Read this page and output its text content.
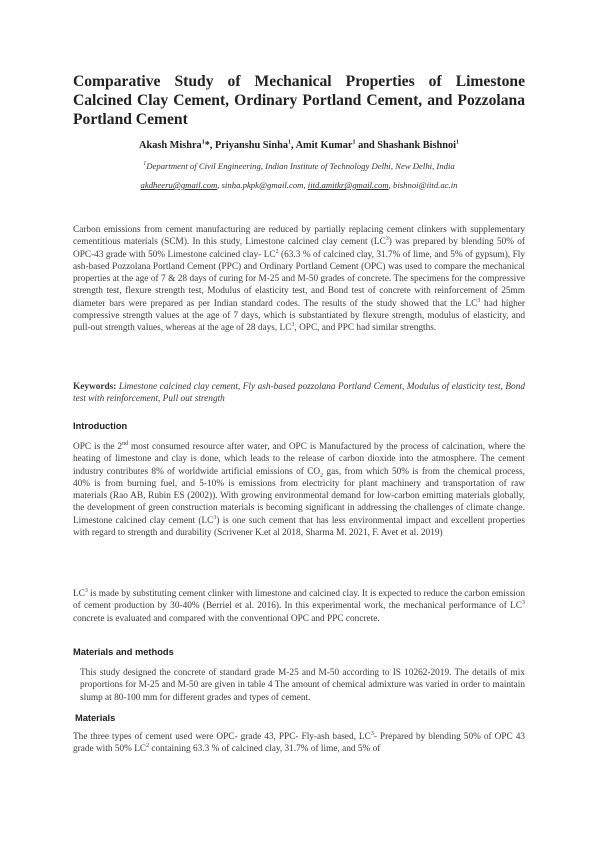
Comparative Study of Mechanical Properties of Limestone Calcined Clay Cement, Ordinary Portland Cement, and Pozzolana Portland Cement
Akash Mishra$^1$*, Priyanshu Sinha$^1$, Amit Kumar$^1$ and Shashank Bishnoi$^1$
$^1$Department of Civil Engineering, Indian Institute of Technology Delhi, New Delhi, India
akdheeru@gmail.com, sinha.pkpk@gmail.com, iitd.amitkr@gmail.com, bishnoi@iitd.ac.in
Carbon emissions from cement manufacturing are reduced by partially replacing cement clinkers with supplementary cementitious materials (SCM). In this study, Limestone calcined clay cement $(LC^3)$ was prepared by blending 50% of OPC-43 grade with 50% Limestone calcined clay- $LC^2$ (63.3 % of calcined clay, 31.7% of lime, and 5% of gypsum), Fly ash-based Pozzolana Portland Cement (PPC) and Ordinary Portland Cement (OPC) was used to compare the mechanical properties at the age of 7 & 28 days of curing for M-25 and M-50 grades of concrete. The specimens for the compressive strength test, flexure strength test, Modulus of elasticity test, and Bond test of concrete with reinforcement of 25mm diameter bars were prepared as per Indian standard codes. The results of the study showed that the $LC^3$ had higher compressive strength values at the age of 7 days, which is substantiated by flexure strength, modulus of elasticity, and pull-out strength values, whereas at the age of 28 days, $LC^3$, OPC, and PPC had similar strengths.
Keywords: Limestone calcined clay cement, Fly ash-based pozzolana Portland Cement, Modulus of elasticity test, Bond test with reinforcement, Pull out strength
Introduction
OPC is the 2nd most consumed resource after water, and OPC is Manufactured by the process of calcination, where the heating of limestone and clay is done, which leads to the release of carbon dioxide into the atmosphere. The cement industry contributes 8% of worldwide artificial emissions of $CO_2$ gas, from which 50% is from the chemical process, 40% is from burning fuel, and 5-10% is emissions from electricity for plant machinery and transportation of raw materials (Rao AB, Rubin ES (2002)). With growing environmental demand for low-carbon emitting materials globally, the development of green construction materials is becoming significant in addressing the challenges of climate change. Limestone calcined clay cement $(LC^3)$ is one such cement that has less environmental impact and excellent properties with regard to strength and durability (Scrivener K.et al 2018, Sharma M. 2021, F. Avet et al. 2019)
$LC^3$ is made by substituting cement clinker with limestone and calcined clay. It is expected to reduce the carbon emission of cement production by 30-40% (Berriel et al. 2016). In this experimental work, the mechanical performance of $LC^3$ concrete is evaluated and compared with the conventional OPC and PPC concrete.
Materials and methods
This study designed the concrete of standard grade M-25 and M-50 according to IS 10262-2019. The details of mix proportions for M-25 and M-50 are given in table 4 The amount of chemical admixture was varied in order to maintain slump at 80-100 mm for different grades and types of cement.
Materials
The three types of cement used were OPC- grade 43, PPC- Fly-ash based, $LC^3-$ Prepared by blending 50% of OPC 43 grade with 50% $LC^2$ containing 63.3 % of calcined clay, 31.7% of lime, and 5% of
